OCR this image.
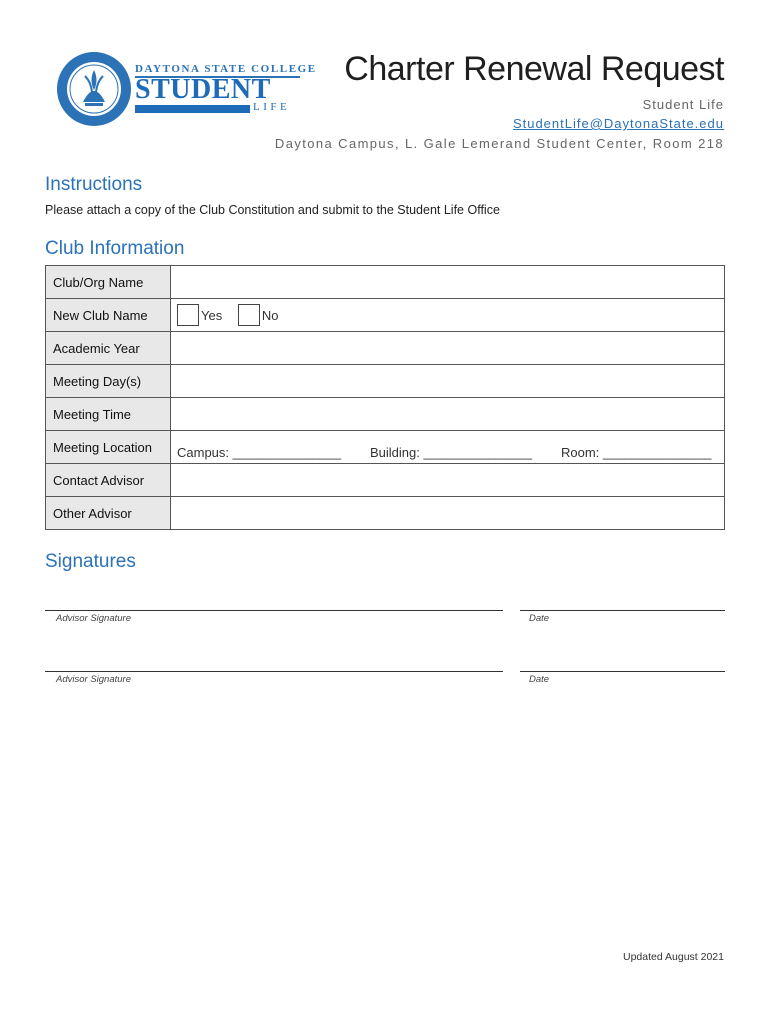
DAYTONA STATE COLLEGE
STUDENT
LIFE
Charter Renewal Request
Student Life
StudentLife@DaytonaState.edu
Daytona Campus, L. Gale Lemerand Student Center, Room 218
Instructions
Please attach a copy of the Club Constitution and submit to the Student Life Office
Club Information
Club/Org Name	
New Club Name	Yes No
Academic Year	
Meeting Day(s)	
Meeting Time	
Meeting Location	Campus: _______________ Building: _______________ Room: _______________
Contact Advisor	
Other Advisor	
Signatures
Advisor Signature	Date
Advisor Signature	Date
Updated August 2021
